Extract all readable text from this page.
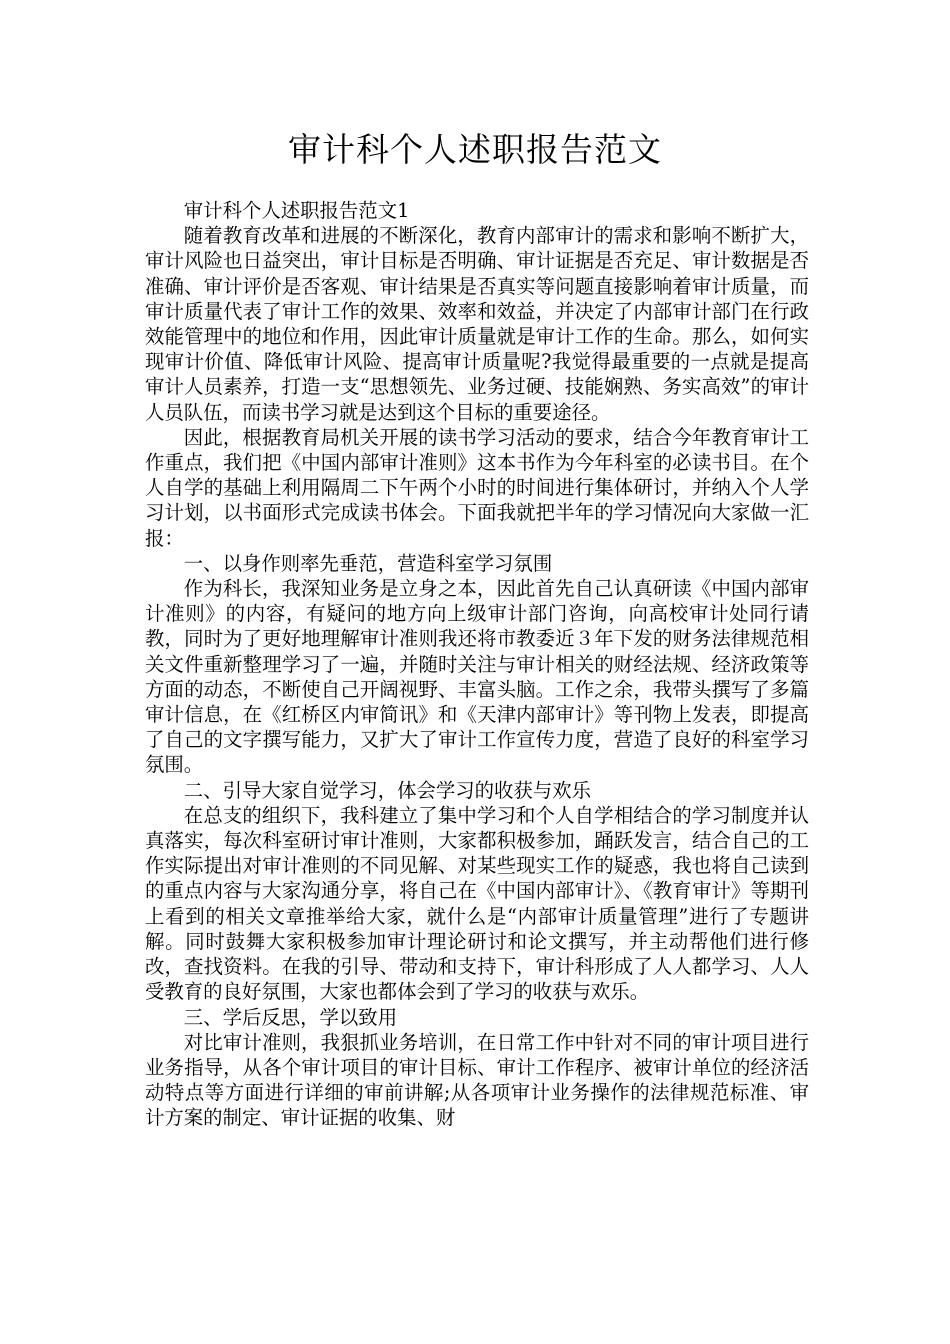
审计科个人述职报告范文

审计科个人述职报告范文1

随着教育改革和进展的不断深化，教育内部审计的需求和影响不断扩大，审计风险也日益突出，审计目标是否明确、审计证据是否充足、审计数据是否准确、审计评价是否客观、审计结果是否真实等问题直接影响着审计质量，而审计质量代表了审计工作的效果、效率和效益，并决定了内部审计部门在行政效能管理中的地位和作用，因此审计质量就是审计工作的生命。那么，如何实现审计价值、降低审计风险、提高审计质量呢?我觉得最重要的一点就是提高审计人员素养，打造一支“思想领先、业务过硬、技能娴熟、务实高效”的审计人员队伍，而读书学习就是达到这个目标的重要途径。

因此，根据教育局机关开展的读书学习活动的要求，结合今年教育审计工作重点，我们把《中国内部审计准则》这本书作为今年科室的必读书目。在个人自学的基础上利用隔周二下午两个小时的时间进行集体研讨，并纳入个人学习计划，以书面形式完成读书体会。下面我就把半年的学习情况向大家做一汇报：

一、以身作则率先垂范，营造科室学习氛围

作为科长，我深知业务是立身之本，因此首先自己认真研读《中国内部审计准则》的内容，有疑问的地方向上级审计部门咨询，向高校审计处同行请教，同时为了更好地理解审计准则我还将市教委近３年下发的财务法律规范相关文件重新整理学习了一遍，并随时关注与审计相关的财经法规、经济政策等方面的动态，不断使自己开阔视野、丰富头脑。工作之余，我带头撰写了多篇审计信息，在《红桥区内审简讯》和《天津内部审计》等刊物上发表，即提高了自己的文字撰写能力，又扩大了审计工作宣传力度，营造了良好的科室学习氛围。

二、引导大家自觉学习，体会学习的收获与欢乐

在总支的组织下，我科建立了集中学习和个人自学相结合的学习制度并认真落实，每次科室研讨审计准则，大家都积极参加，踊跃发言，结合自己的工作实际提出对审计准则的不同见解、对某些现实工作的疑惑，我也将自己读到的重点内容与大家沟通分享，将自己在《中国内部审计》、《教育审计》等期刊上看到的相关文章推举给大家，就什么是“内部审计质量管理”进行了专题讲解。同时鼓舞大家积极参加审计理论研讨和论文撰写，并主动帮他们进行修改，查找资料。在我的引导、带动和支持下，审计科形成了人人都学习、人人受教育的良好氛围，大家也都体会到了学习的收获与欢乐。

三、学后反思，学以致用

对比审计准则，我狠抓业务培训，在日常工作中针对不同的审计项目进行业务指导，从各个审计项目的审计目标、审计工作程序、被审计单位的经济活动特点等方面进行详细的审前讲解;从各项审计业务操作的法律规范标准、审计方案的制定、审计证据的收集、财
